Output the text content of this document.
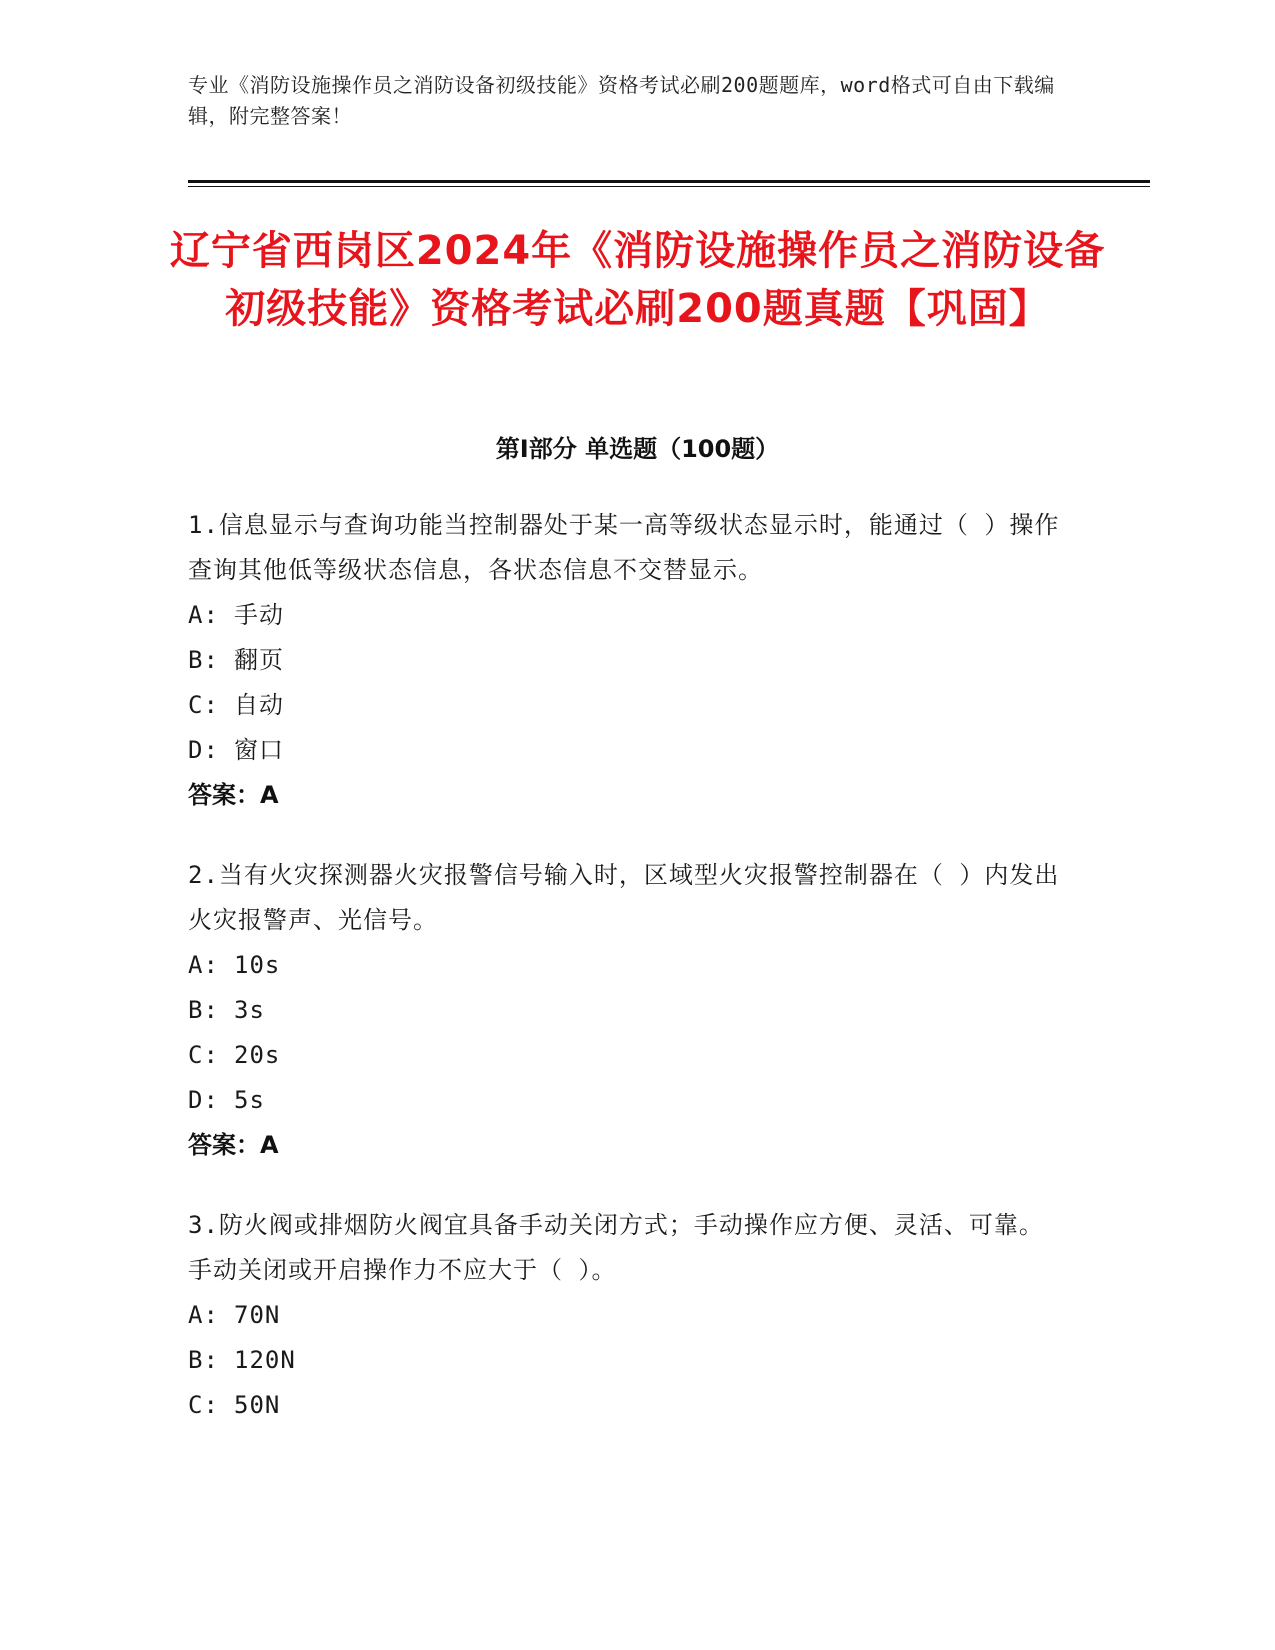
专业《消防设施操作员之消防设备初级技能》资格考试必刷200题题库，word格式可自由下载编辑，附完整答案！
辽宁省西岗区2024年《消防设施操作员之消防设备初级技能》资格考试必刷200题真题【巩固】
第I部分 单选题（100题）

1.信息显示与查询功能当控制器处于某一高等级状态显示时，能通过（ ）操作查询其他低等级状态信息，各状态信息不交替显示。

A: 手动

B: 翻页

C: 自动

D: 窗口

答案：A

2.当有火灾探测器火灾报警信号输入时，区域型火灾报警控制器在（ ）内发出火灾报警声、光信号。

A: 10s

B: 3s

C: 20s

D: 5s

答案：A

3.防火阀或排烟防火阀宜具备手动关闭方式；手动操作应方便、灵活、可靠。手动关闭或开启操作力不应大于（ ）。

A: 70N

B: 120N

C: 50N
